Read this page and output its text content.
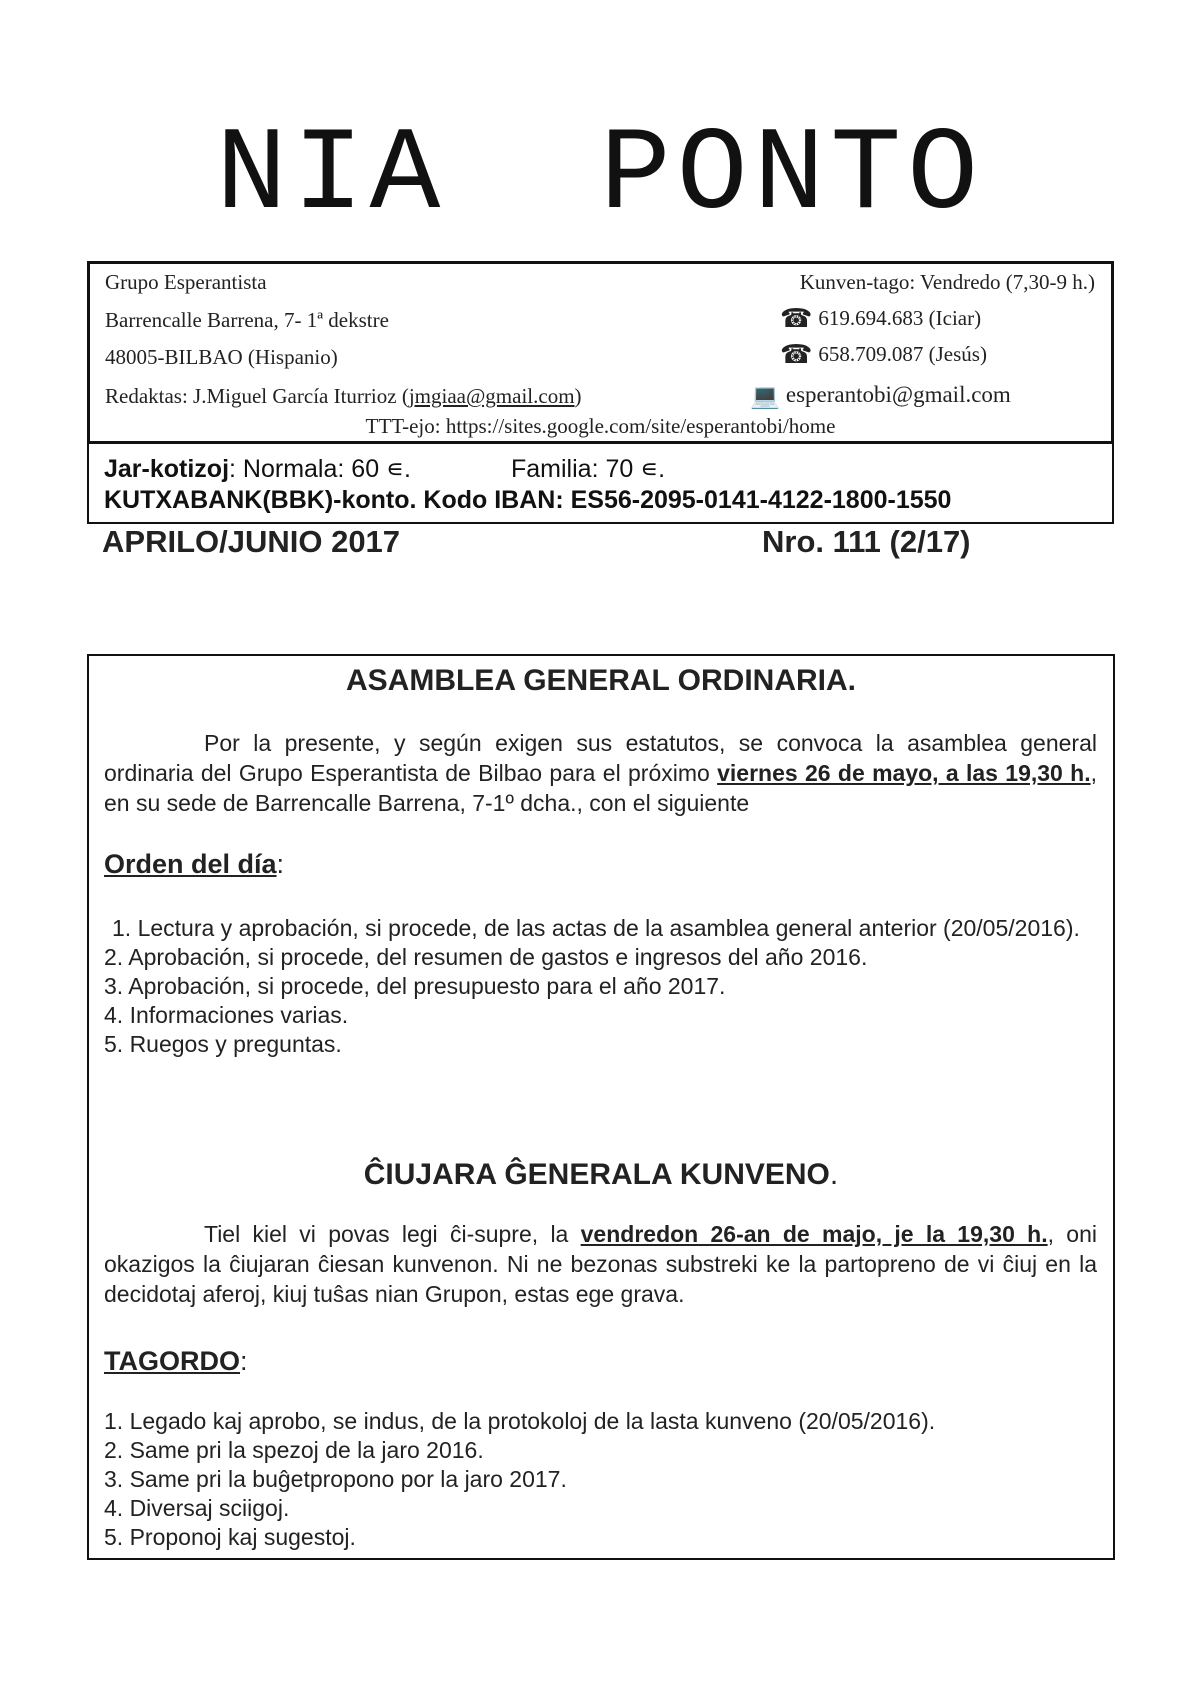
NIA  PONTO
Grupo Esperantista
Barrencalle Barrena, 7- 1ª dekstre
48005-BILBAO (Hispanio)
Redaktas: J.Miguel García Iturrioz (jmgiaa@gmail.com)
Kunven-tago: Vendredo (7,30-9 h.)
☎ 619.694.683 (Iciar)
☎ 658.709.087 (Jesús)
💻 esperantobi@gmail.com
TTT-ejo: https://sites.google.com/site/esperantobi/home
Jar-kotizoj: Normala: 60 ∊.	Familia: 70 ∊.
KUTXABANK(BBK)-konto. Kodo IBAN: ES56-2095-0141-4122-1800-1550
APRILO/JUNIO 2017	Nro. 111 (2/17)
ASAMBLEA GENERAL ORDINARIA.
Por la presente, y según exigen sus estatutos, se convoca la asamblea general ordinaria del Grupo Esperantista de Bilbao para el próximo viernes 26 de mayo, a las 19,30 h., en su sede de Barrencalle Barrena, 7-1º dcha., con el siguiente
Orden del día:
1. Lectura y aprobación, si procede, de las actas de la asamblea general anterior (20/05/2016).
2. Aprobación, si procede, del resumen de gastos e ingresos del año 2016.
3. Aprobación, si procede, del presupuesto para el año 2017.
4. Informaciones varias.
5. Ruegos y preguntas.
ĈIUJARA ĜENERALA KUNVENO.
Tiel kiel vi povas legi ĉi-supre, la vendredon 26-an de majo, je la 19,30 h., oni okazigos la ĉiujaran ĉiesan kunvenon. Ni ne bezonas substreki ke la partopreno de vi ĉiuj en la decidotaj aferoj, kiuj tuŝas nian Grupon, estas ege grava.
TAGORDO:
1. Legado kaj aprobo, se indus, de la protokoloj de la lasta kunveno (20/05/2016).
2. Same pri la spezoj de la jaro 2016.
3. Same pri la buĝetpropono por la jaro 2017.
4. Diversaj sciigoj.
5. Proponoj kaj sugestoj.
